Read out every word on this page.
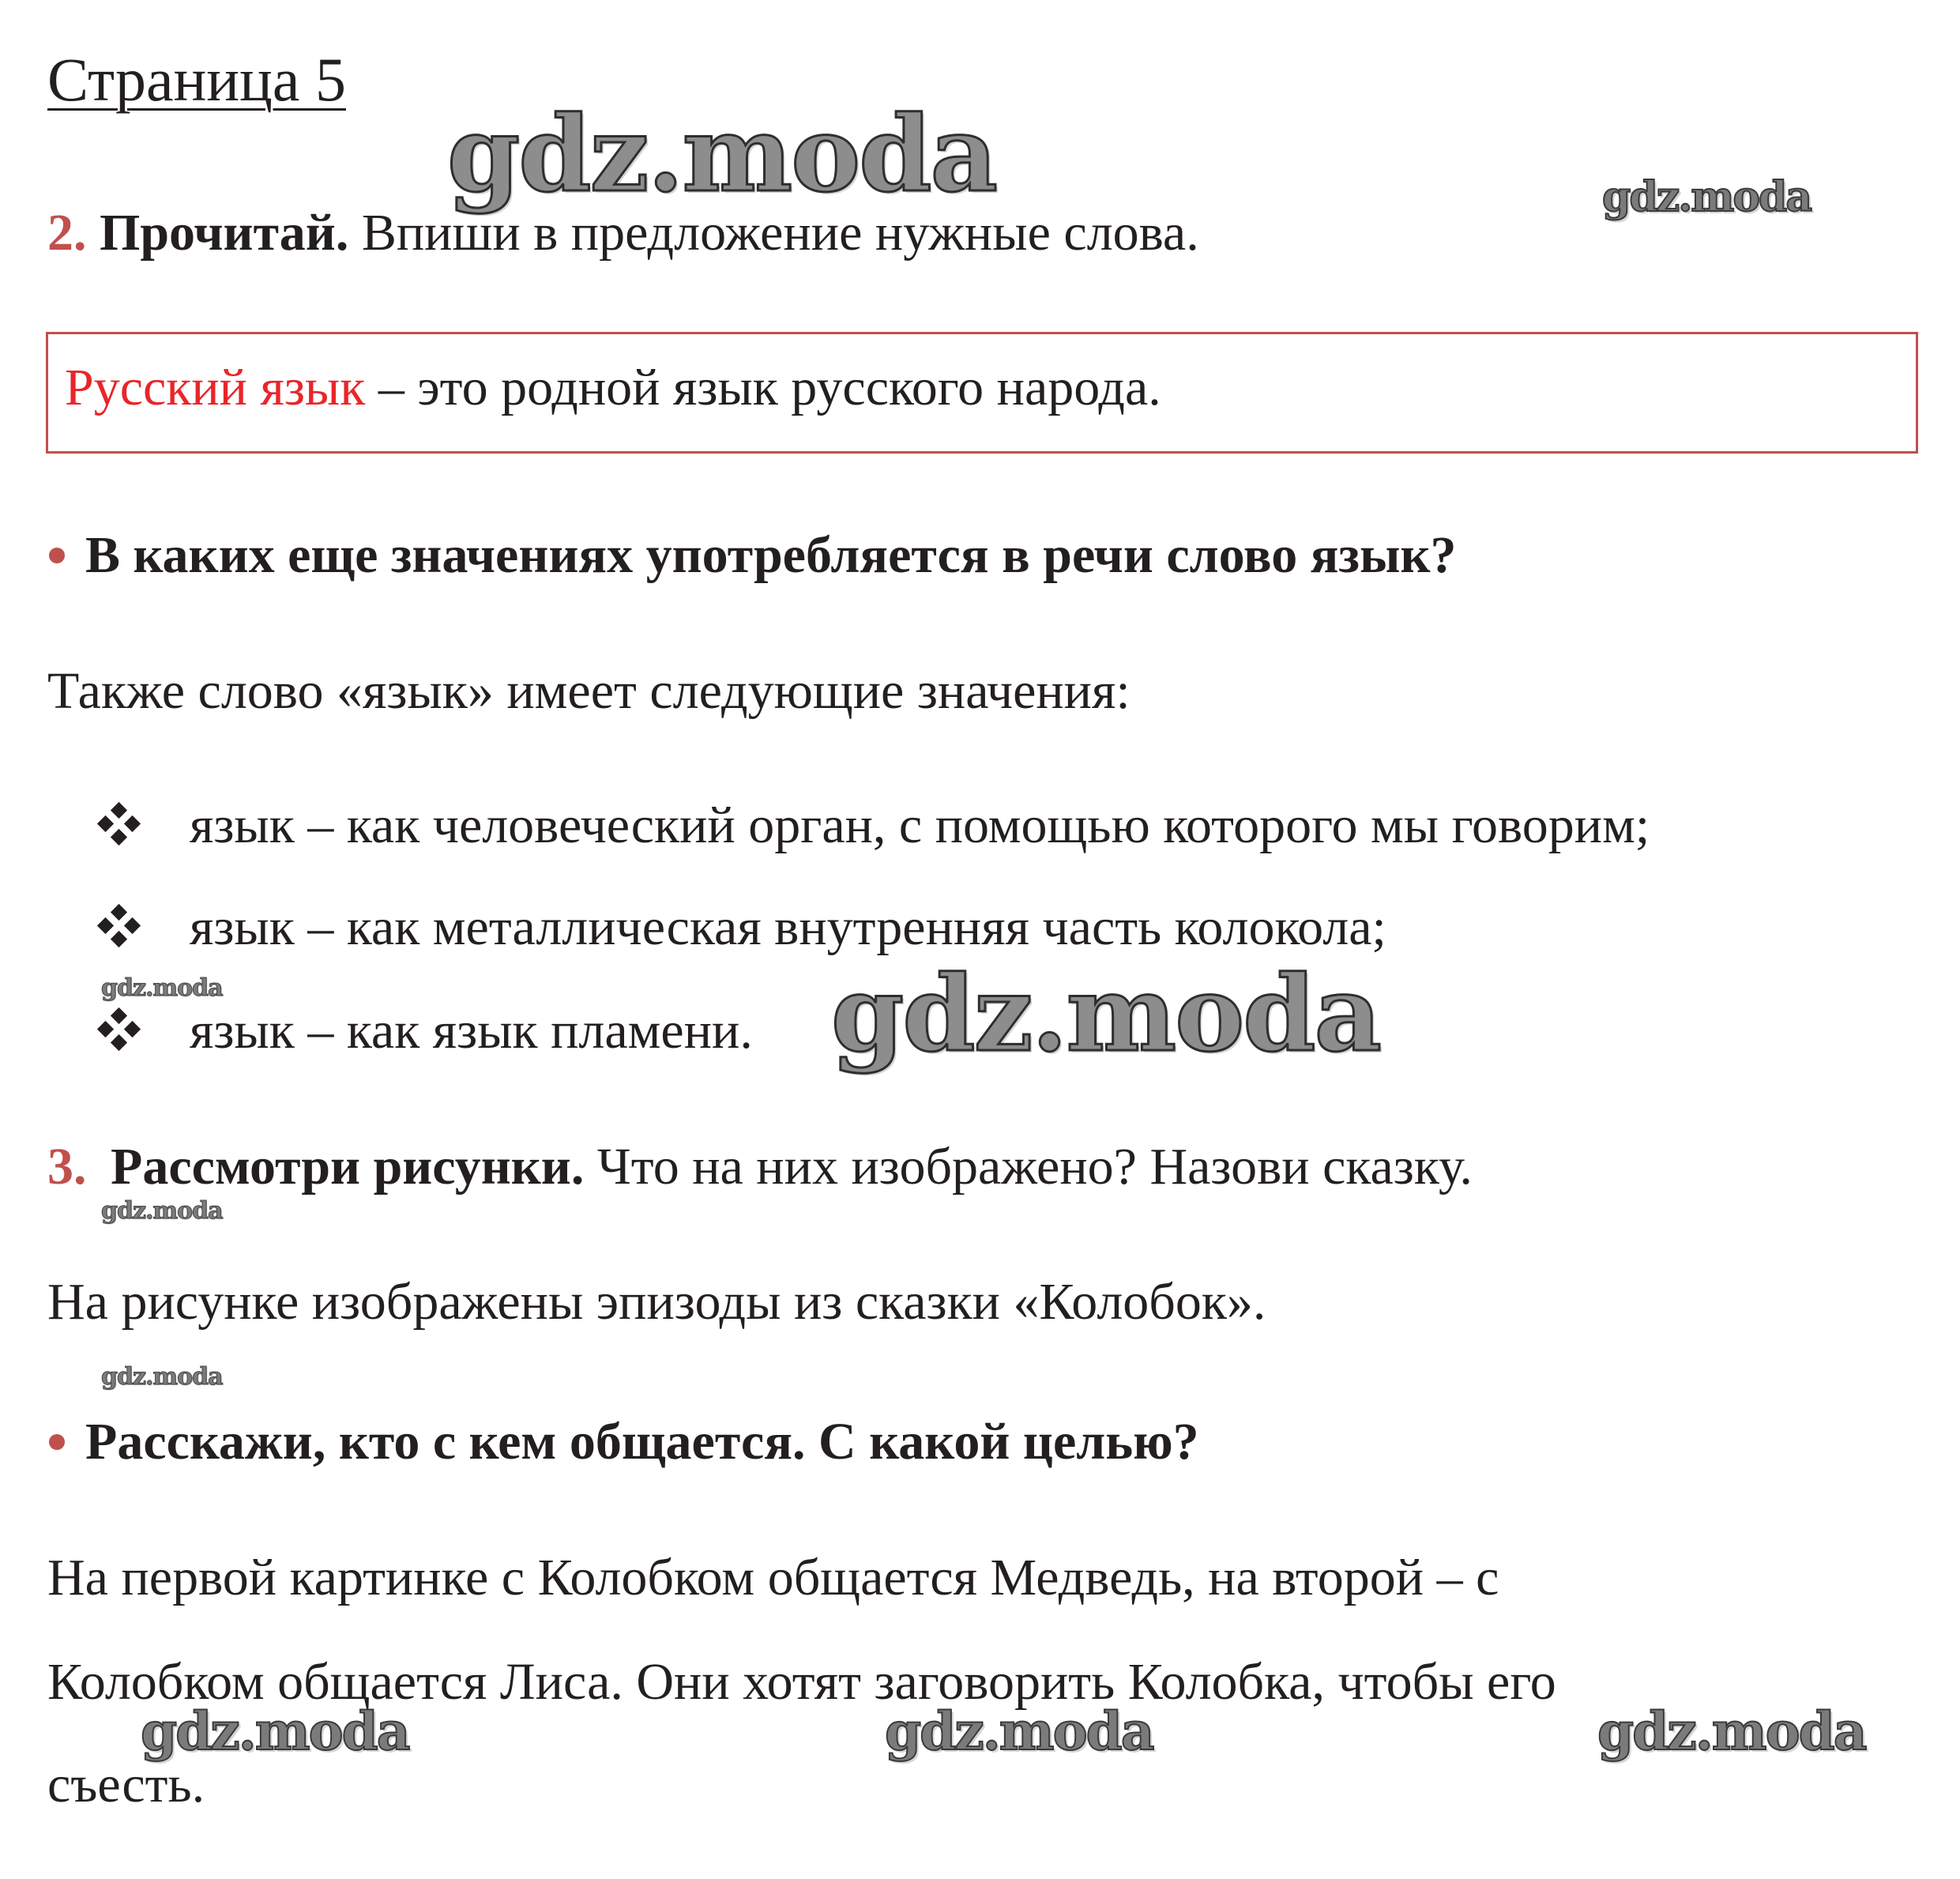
Страница 5
2. Прочитай. Впиши в предложение нужные слова.
Русский язык – это родной язык русского народа.
В каких еще значениях употребляется в речи слово язык?
Также слово «язык» имеет следующие значения:
язык – как человеческий орган, с помощью которого мы говорим;
язык – как металлическая внутренняя часть колокола;
язык – как язык пламени.
3. Рассмотри рисунки. Что на них изображено? Назови сказку.
На рисунке изображены эпизоды из сказки «Колобок».
Расскажи, кто с кем общается. С какой целью?
На первой картинке с Колобком общается Медведь, на второй – с
Колобком общается Лиса. Они хотят заговорить Колобка, чтобы его
съесть.
gdz.moda	gdz.moda
gdz.moda	gdz.moda
gdz.moda
gdz.moda
gdz.moda	gdz.moda	gdz.moda
